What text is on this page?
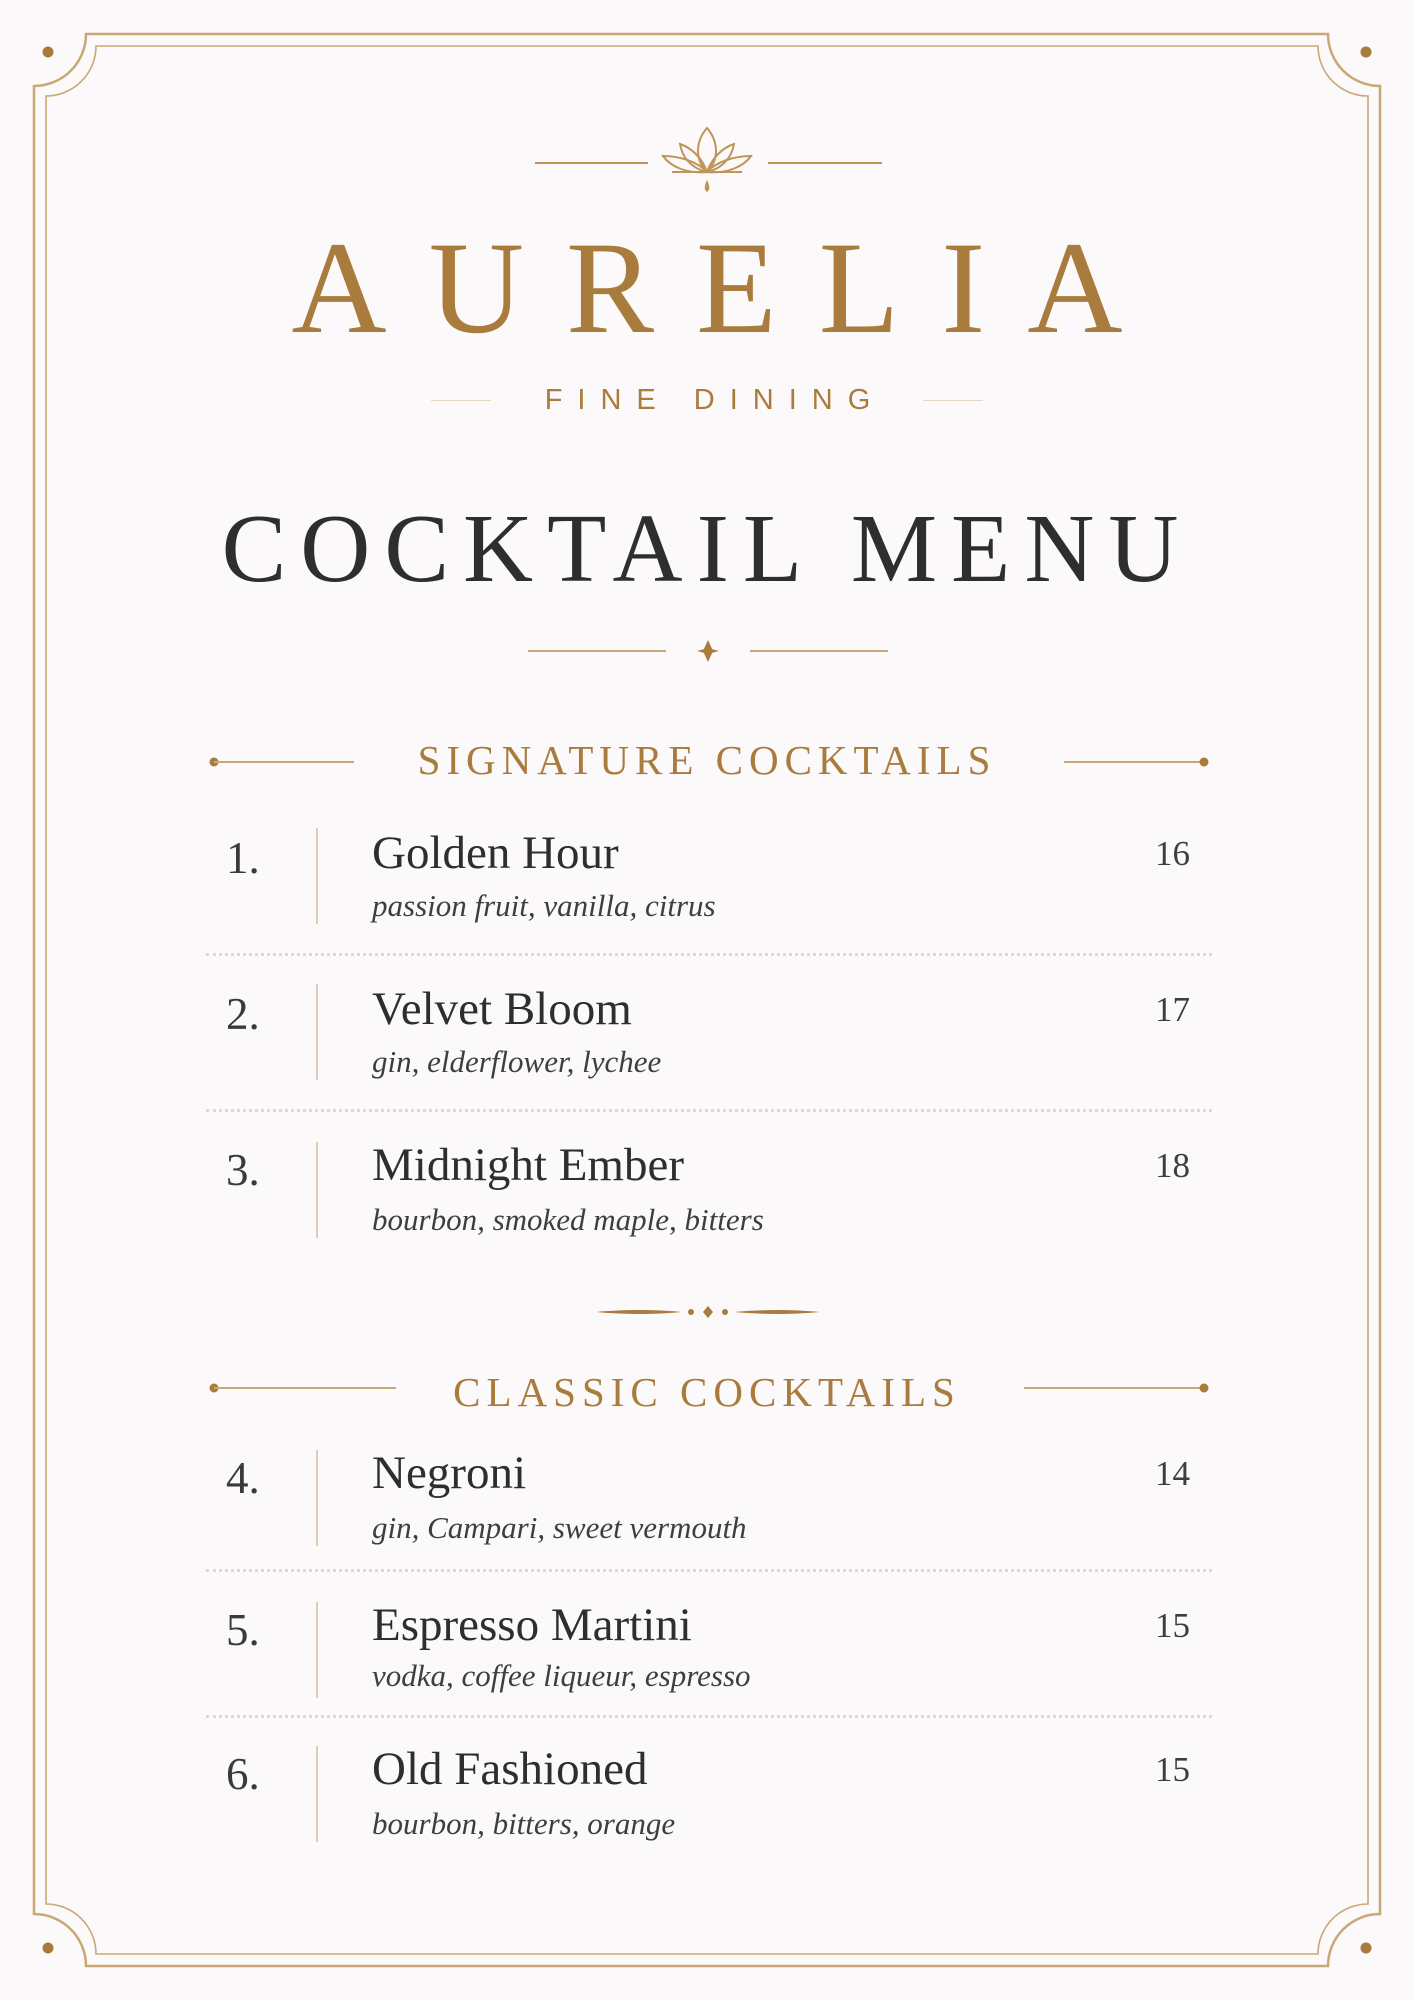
AURELIA
FINE DINING
COCKTAIL MENU
SIGNATURE COCKTAILS
1. Golden Hour
passion fruit, vanilla, citrus
16
2. Velvet Bloom
gin, elderflower, lychee
17
3. Midnight Ember
bourbon, smoked maple, bitters
18
CLASSIC COCKTAILS
4. Negroni
gin, Campari, sweet vermouth
14
5. Espresso Martini
vodka, coffee liqueur, espresso
15
6. Old Fashioned
bourbon, bitters, orange
15
